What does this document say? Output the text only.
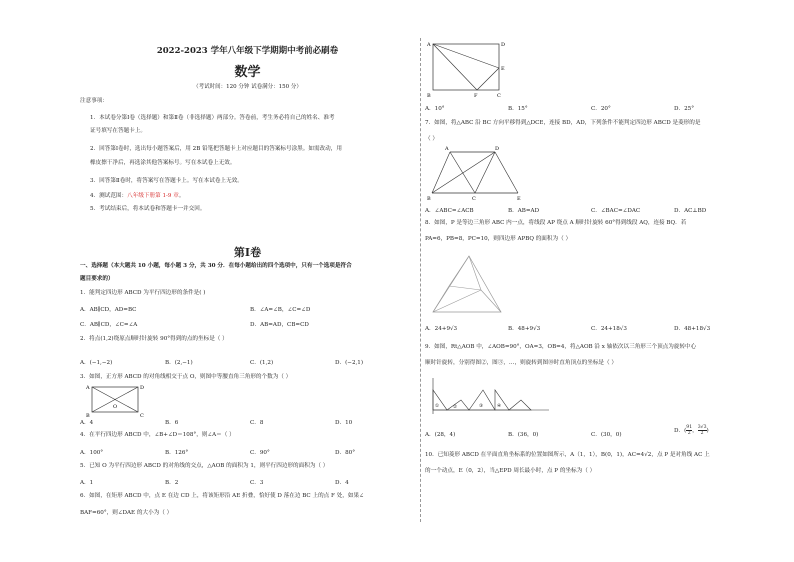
2022-2023 学年八年级下学期期中考前必刷卷
数学
（考试时间：120 分钟 试卷满分：150 分）
注意事项：
1．本试卷分第Ⅰ卷（选择题）和第Ⅱ卷（非选择题）两部分。答卷前，考生务必将自己的姓名、准考
证号填写在答题卡上。
2．回答第Ⅰ卷时，选出每小题答案后，用 2B 铅笔把答题卡上对应题目的答案标号涂黑。如需改动，用
橡皮擦干净后，再选涂其他答案标号。写在本试卷上无效。
3．回答第Ⅱ卷时，将答案写在答题卡上。写在本试卷上无效。
4．测试范围：八年级下册第 1-9 章。
5．考试结束后，将本试卷和答题卡一并交回。
第Ⅰ卷
一、选择题（本大题共 10 小题，每小题 3 分，共 30 分．在每小题给出的四个选项中，只有一个选项是符合
题目要求的）
1．能判定四边形 ABCD 为平行四边形的条件是( )
A．AB∥CD，AD=BC	B．∠A=∠B，∠C=∠D
C．AB∥CD，∠C=∠A	D．AB=AD，CB=CD
2．将点(1,2)绕原点顺时针旋转 90°得到的点的坐标是（ ）
A．(−1,−2)	B．(2,−1)	C．(1,2)	D．(−2,1)
3．如图，正方形 ABCD 的对角线相交于点 O，则图中等腰直角三角形的个数为（ ）
A	D
B	C
O
A．4	B．6	C．8	D．10
4．在平行四边形 ABCD 中，∠B+∠D＝108°，则∠A＝（ ）
A．100°	B．126°	C．90°	D．80°
5．已知 O 为平行四边形 ABCD 的对角线的交点，△AOB 的面积为 1，则平行四边形的面积为（ ）
A．1	B．2	C．3	D．4
6．如图，在矩形 ABCD 中，点 E 在边 CD 上，将该矩形沿 AE 折叠，恰好使 D 落在边 BC 上的点 F 处，如果∠
BAF=60°，则∠DAE 的大小为（ ）
A	D
E
B	F	C
A．10°	B．15°	C．20°	D．25°
7．如图，将△ABC 沿 BC 方向平移得到△DCE，连接 BD，AD，下列条件不能判定四边形 ABCD 是菱形的是
（ ）
A	D
B	C	E
A．∠ABC=∠ACB	B．AB=AD	C．∠BAC=∠DAC	D．AC⊥BD
8．如图，P 是等边三角形 ABC 内一点，将线段 AP 绕点 A 顺时针旋转 60°得到线段 AQ，连接 BQ．若
PA=6，PB=8，PC=10，则四边形 APBQ 的面积为（ ）
A．24+9√3	B．48+9√3	C．24+18√3	D．48+18√3
9．如图，Rt△AOB 中，∠AOB=90°，OA=3，OB=4，将△AOB 沿 x 轴依次以三角形三个顶点为旋转中心
顺时针旋转，分别得图②，图③，…，则旋转到图⑩时直角顶点的坐标是（ ）
①	②	③	④
A．(28，4)	B．(36，0)	C．(30，0)
D．( $\frac{91}{2}$ ， $\frac{3√3}{2}$ )
10．已知菱形 ABCD 在平面直角坐标系的位置如图所示，A（1，1），B(0，1)，AC=4√2，点 P 是对角线 AC 上
的一个动点，E（0，2），当△EPD 周长最小时，点 P 的坐标为（ ）
